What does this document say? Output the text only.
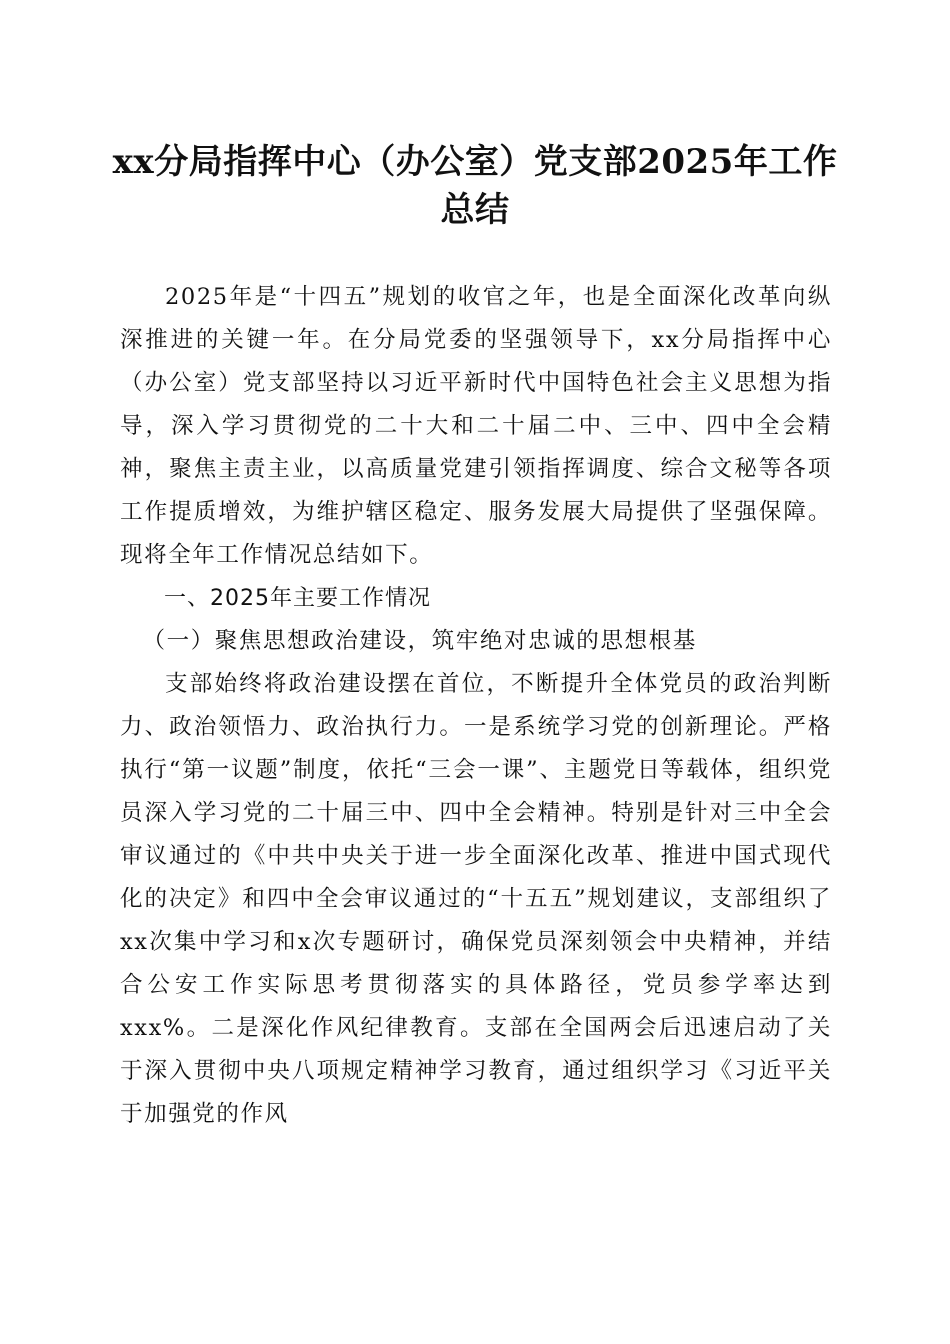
xx分局指挥中心（办公室）党支部2025年工作总结

2025年是“十四五”规划的收官之年，也是全面深化改革向纵深推进的关键一年。在分局党委的坚强领导下，xx分局指挥中心（办公室）党支部坚持以习近平新时代中国特色社会主义思想为指导，深入学习贯彻党的二十大和二十届二中、三中、四中全会精神，聚焦主责主业，以高质量党建引领指挥调度、综合文秘等各项工作提质增效，为维护辖区稳定、服务发展大局提供了坚强保障。现将全年工作情况总结如下。

一、2025年主要工作情况

（一）聚焦思想政治建设，筑牢绝对忠诚的思想根基

支部始终将政治建设摆在首位，不断提升全体党员的政治判断力、政治领悟力、政治执行力。一是系统学习党的创新理论。严格执行“第一议题”制度，依托“三会一课”、主题党日等载体，组织党员深入学习党的二十届三中、四中全会精神。特别是针对三中全会审议通过的《中共中央关于进一步全面深化改革、推进中国式现代化的决定》和四中全会审议通过的“十五五”规划建议，支部组织了xx次集中学习和x次专题研讨，确保党员深刻领会中央精神，并结合公安工作实际思考贯彻落实的具体路径，党员参学率达到xxx%。二是深化作风纪律教育。支部在全国两会后迅速启动了关于深入贯彻中央八项规定精神学习教育，通过组织学习《习近平关于加强党的作风
